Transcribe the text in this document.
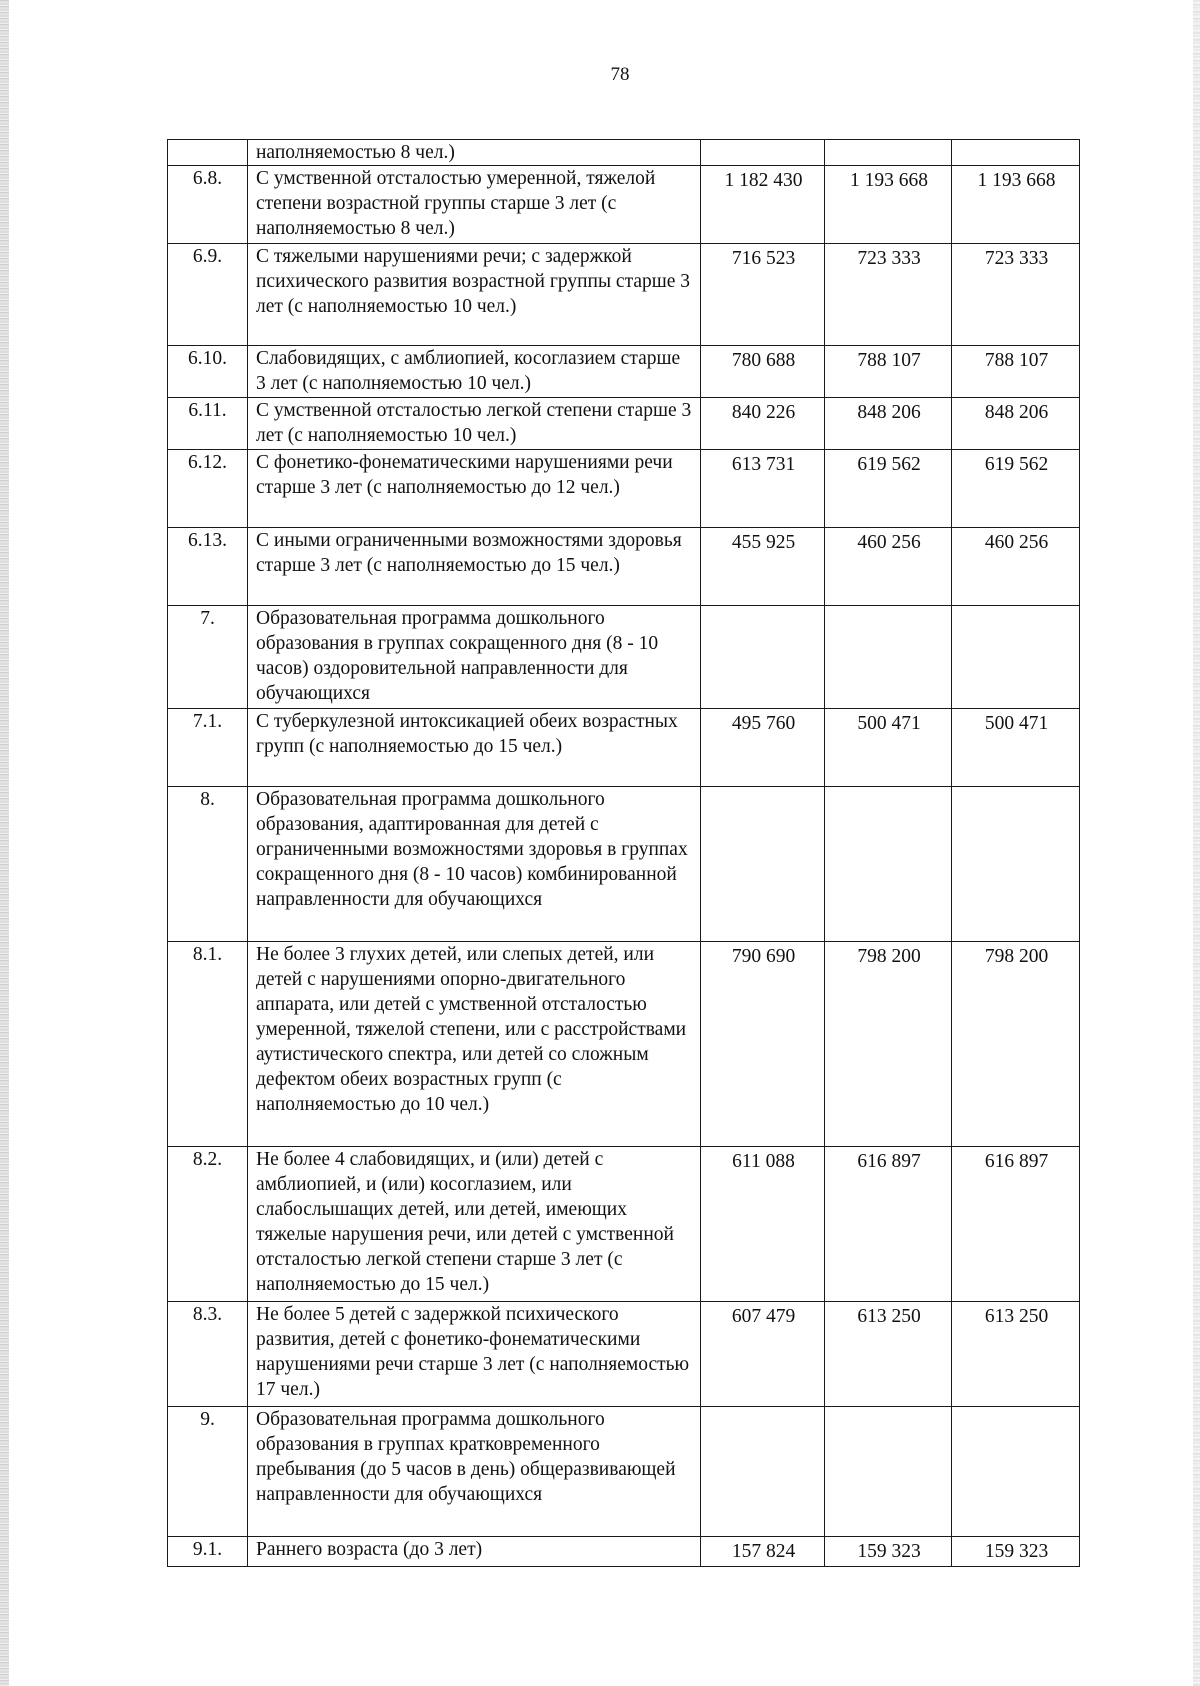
78
	наполняемостью 8 чел.)			
6.8.	С умственной отсталостью умеренной, тяжелой степени возрастной группы старше 3 лет (с наполняемостью 8 чел.)	1 182 430	1 193 668	1 193 668
6.9.	С тяжелыми нарушениями речи; с задержкой психического развития возрастной группы старше 3 лет (с наполняемостью 10 чел.)	716 523	723 333	723 333
6.10.	Слабовидящих, с амблиопией, косоглазием старше 3 лет (с наполняемостью 10 чел.)	780 688	788 107	788 107
6.11.	С умственной отсталостью легкой степени старше 3 лет (с наполняемостью 10 чел.)	840 226	848 206	848 206
6.12.	С фонетико-фонематическими нарушениями речи старше 3 лет (с наполняемостью до 12 чел.)	613 731	619 562	619 562
6.13.	С иными ограниченными возможностями здоровья старше 3 лет (с наполняемостью до 15 чел.)	455 925	460 256	460 256
7.	Образовательная программа дошкольного образования в группах сокращенного дня (8 - 10 часов) оздоровительной направленности для обучающихся			
7.1.	С туберкулезной интоксикацией обеих возрастных групп (с наполняемостью до 15 чел.)	495 760	500 471	500 471
8.	Образовательная программа дошкольного образования, адаптированная для детей с ограниченными возможностями здоровья в группах сокращенного дня (8 - 10 часов) комбинированной направленности для обучающихся			
8.1.	Не более 3 глухих детей, или слепых детей, или детей с нарушениями опорно-двигательного аппарата, или детей с умственной отсталостью умеренной, тяжелой степени, или с расстройствами аутистического спектра, или детей со сложным дефектом обеих возрастных групп (с наполняемостью до 10 чел.)	790 690	798 200	798 200
8.2.	Не более 4 слабовидящих, и (или) детей с амблиопией, и (или) косоглазием, или слабослышащих детей, или детей, имеющих тяжелые нарушения речи, или детей с умственной отсталостью легкой степени старше 3 лет (с наполняемостью до 15 чел.)	611 088	616 897	616 897
8.3.	Не более 5 детей с задержкой психического развития, детей с фонетико-фонематическими нарушениями речи старше 3 лет (с наполняемостью 17 чел.)	607 479	613 250	613 250
9.	Образовательная программа дошкольного образования в группах кратковременного пребывания (до 5 часов в день) общеразвивающей направленности для обучающихся			
9.1.	Раннего возраста (до 3 лет)	157 824	159 323	159 323
